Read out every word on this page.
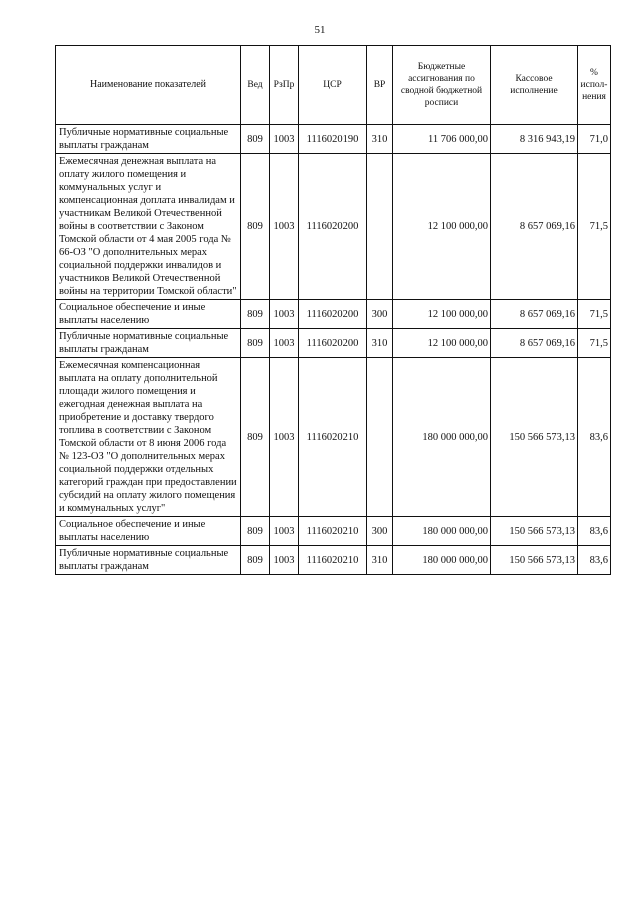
51
Наименование показателей	Вед	РзПр	ЦСР	ВР	Бюджетные ассигнования по сводной бюджетной росписи	Кассовое исполнение	% испол-нения
Публичные нормативные социальные выплаты гражданам	809	1003	1116020190	310	11 706 000,00	8 316 943,19	71,0
Ежемесячная денежная выплата на оплату жилого помещения и коммунальных услуг и компенсационная доплата инвалидам и участникам Великой Отечественной войны в соответствии с Законом Томской области от 4 мая 2005 года № 66-ОЗ "О дополнительных мерах социальной поддержки инвалидов и участников Великой Отечественной войны на территории Томской области"	809	1003	1116020200		12 100 000,00	8 657 069,16	71,5
Социальное обеспечение и иные выплаты населению	809	1003	1116020200	300	12 100 000,00	8 657 069,16	71,5
Публичные нормативные социальные выплаты гражданам	809	1003	1116020200	310	12 100 000,00	8 657 069,16	71,5
Ежемесячная компенсационная выплата на оплату дополнительной площади жилого помещения и ежегодная денежная выплата на приобретение и доставку твердого топлива в соответствии с Законом Томской области от 8 июня 2006 года № 123-ОЗ "О дополнительных мерах социальной поддержки отдельных категорий граждан при предоставлении субсидий на оплату жилого помещения и коммунальных услуг"	809	1003	1116020210		180 000 000,00	150 566 573,13	83,6
Социальное обеспечение и иные выплаты населению	809	1003	1116020210	300	180 000 000,00	150 566 573,13	83,6
Публичные нормативные социальные выплаты гражданам	809	1003	1116020210	310	180 000 000,00	150 566 573,13	83,6
